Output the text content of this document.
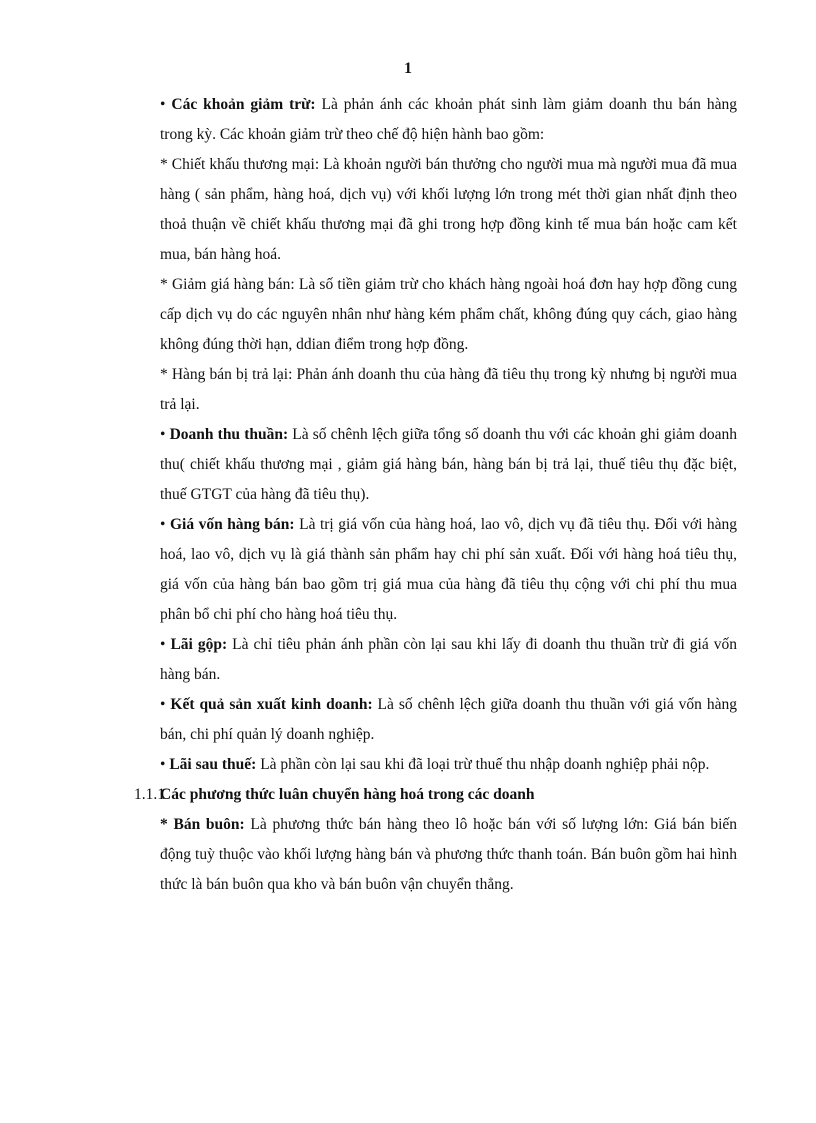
1

• Các khoản giảm trừ: Là phản ánh các khoản phát sinh làm giảm doanh thu bán hàng trong kỳ. Các khoản giảm trừ theo chế độ hiện hành bao gồm:

* Chiết khấu thương mại: Là khoản người bán thưởng cho người mua mà người mua đã mua hàng ( sản phẩm, hàng hoá, dịch vụ) với khối lượng lớn trong mét thời gian nhất định theo thoả thuận về chiết khấu thương mại đã ghi trong hợp đồng kinh tế mua bán hoặc cam kết mua, bán hàng hoá.

* Giảm giá hàng bán: Là số tiền giảm trừ cho khách hàng ngoài hoá đơn hay hợp đồng cung cấp dịch vụ do các nguyên nhân như hàng kém phẩm chất, không đúng quy cách, giao hàng không đúng thời hạn, ddian điểm trong hợp đồng.

* Hàng bán bị trả lại: Phản ánh doanh thu của hàng đã tiêu thụ trong kỳ nhưng bị người mua trả lại.

• Doanh thu thuần: Là số chênh lệch giữa tổng số doanh thu với các khoản ghi giảm doanh thu( chiết khấu thương mại , giảm giá hàng bán, hàng bán bị trả lại, thuế tiêu thụ đặc biệt, thuế GTGT của hàng đã tiêu thụ).

• Giá vốn hàng bán: Là trị giá vốn của hàng hoá, lao vô, dịch vụ đã tiêu thụ. Đối với hàng hoá, lao vô, dịch vụ là giá thành sản phẩm hay chi phí sản xuất. Đối với hàng hoá tiêu thụ, giá vốn của hàng bán bao gồm trị giá mua của hàng đã tiêu thụ cộng với chi phí thu mua phân bổ chi phí cho hàng hoá tiêu thụ.

• Lãi gộp: Là chỉ tiêu phản ánh phần còn lại sau khi lấy đi doanh thu thuần trừ đi giá vốn hàng bán.

• Kết quả sản xuất kinh doanh: Là số chênh lệch giữa doanh thu thuần với giá vốn hàng bán, chi phí quản lý doanh nghiệp.

• Lãi sau thuế: Là phần còn lại sau khi đã loại trừ thuế thu nhập doanh nghiệp phải nộp.

1.1.1
Các phương thức luân chuyển hàng hoá trong các doanh

* Bán buôn: Là phương thức bán hàng theo lô hoặc bán với số lượng lớn: Giá bán biến động tuỳ thuộc vào khối lượng hàng bán và phương thức thanh toán. Bán buôn gồm hai hình thức là bán buôn qua kho và bán buôn vận chuyển thẳng.
